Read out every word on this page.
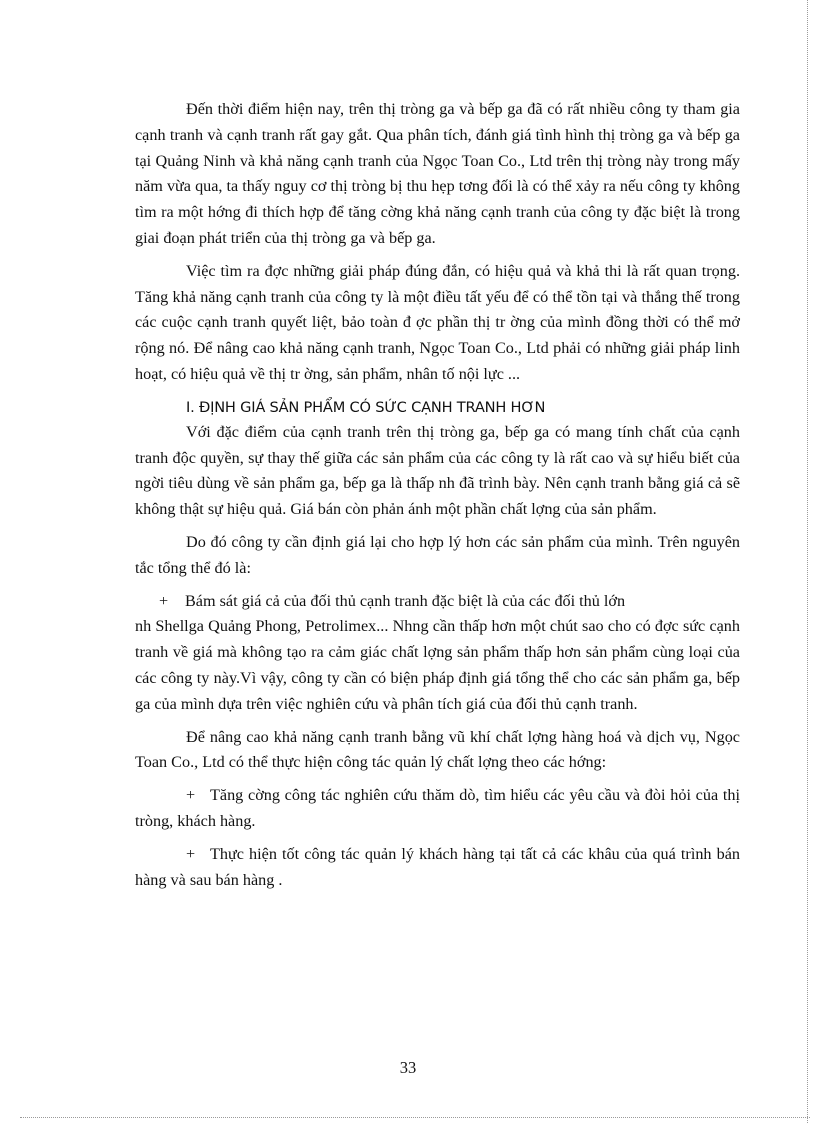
Đến thời điểm hiện nay, trên thị tròng ga và bếp ga đã có rất nhiều công ty tham gia cạnh tranh và cạnh tranh rất gay gắt. Qua phân tích, đánh giá tình hình thị tròng ga và bếp ga tại Quảng Ninh và khả năng cạnh tranh của Ngọc Toan Co., Ltd trên thị tròng này trong mấy năm vừa qua, ta thấy nguy cơ thị tròng bị thu hẹp tơng đối là có thể xảy ra nếu công ty không tìm ra một hớng đi thích hợp để tăng cờng khả năng cạnh tranh của công ty đặc biệt là trong giai đoạn phát triển của thị tròng ga và bếp ga.

Việc tìm ra đợc những giải pháp đúng đắn, có hiệu quả và khả thi là rất quan trọng. Tăng khả năng cạnh tranh của công ty là một điều tất yếu để có thể tồn tại và thắng thế trong các cuộc cạnh tranh quyết liệt, bảo toàn đ ợc phần thị tr ờng của mình đồng thời có thể mở rộng nó. Để nâng cao khả năng cạnh tranh, Ngọc Toan Co., Ltd phải có những giải pháp linh hoạt, có hiệu quả về thị tr ờng, sản phẩm, nhân tố nội lực ...

I. ĐỊNH GIÁ SẢN PHẨM CÓ SỨC CẠNH TRANH HƠN

Với đặc điểm của cạnh tranh trên thị tròng ga, bếp ga có mang tính chất của cạnh tranh độc quyền, sự thay thế giữa các sản phẩm của các công ty là rất cao và sự hiểu biết của ngời tiêu dùng về sản phẩm ga, bếp ga là thấp nh đã trình bày. Nên cạnh tranh bằng giá cả sẽ không thật sự hiệu quả. Giá bán còn phản ánh một phần chất lợng của sản phẩm.

Do đó công ty cần định giá lại cho hợp lý hơn các sản phẩm của mình. Trên nguyên tắc tổng thể đó là:

+ Bám sát giá cả của đối thủ cạnh tranh đặc biệt là của các đối thủ lớn
nh Shellga Quảng Phong, Petrolimex... Nhng cần thấp hơn một chút sao cho có đợc sức cạnh tranh về giá mà không tạo ra cảm giác chất lợng sản phẩm thấp hơn sản phẩm cùng loại của các công ty này.Vì vậy, công ty cần có biện pháp định giá tổng thể cho các sản phẩm ga, bếp ga của mình dựa trên việc nghiên cứu và phân tích giá của đối thủ cạnh tranh.

Để nâng cao khả năng cạnh tranh bằng vũ khí chất lợng hàng hoá và dịch vụ, Ngọc Toan Co., Ltd có thể thực hiện công tác quản lý chất lợng theo các hớng:

+ Tăng cờng công tác nghiên cứu thăm dò, tìm hiểu các yêu cầu và đòi hỏi của thị tròng, khách hàng.

+ Thực hiện tốt công tác quản lý khách hàng tại tất cả các khâu của quá trình bán hàng và sau bán hàng .

33
